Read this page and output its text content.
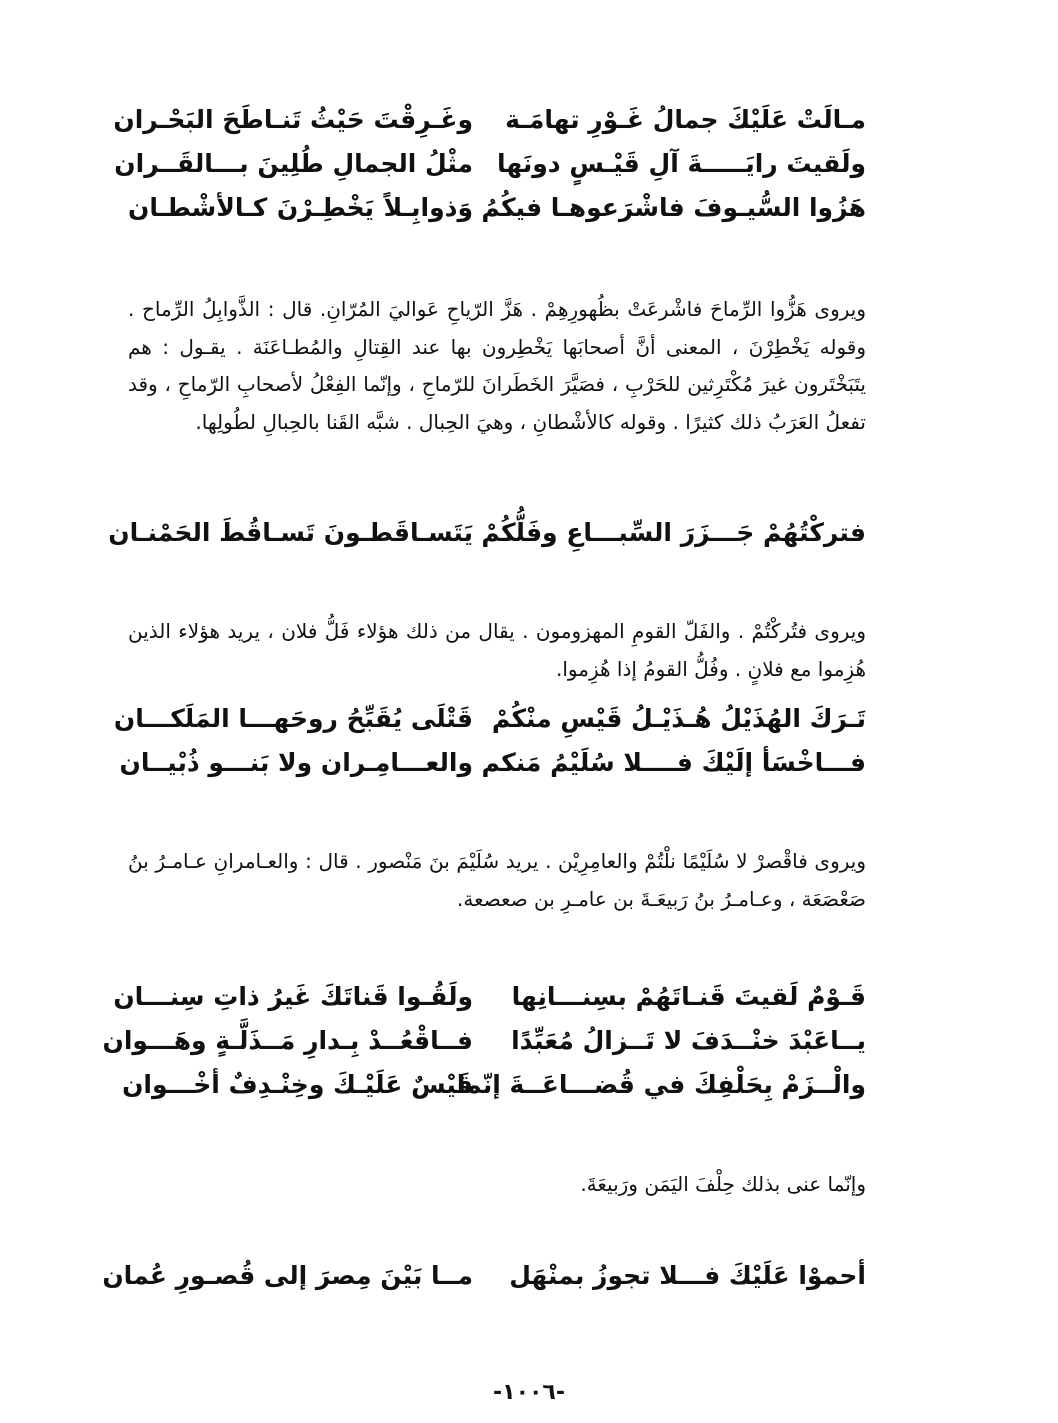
مـالَتْ عَلَيْكَ جمالُ غَـوْرِ تهامَـة
وغَـرِقْتَ حَيْثُ تَنـاطَحَ البَحْـران
ولَقيتَ رايَـــــةَ آلِ قَيْـسٍ دونَها
مثْلُ الجمالِ طُلِينَ بـــالقَــران
هَزُوا السُّيـوفَ فاشْرَعوهـا فيكُمُ
وَذوابِـلاً يَخْطِـرْنَ كـالأشْطـان

ويروى هَزُّوا الرِّماحَ فاشْرعَتْ بظُهورِهِمْ . هَزَّ الرّياحِ عَواليَ المُرّانِ. قال : الذَّوابِلُ الرِّماح . وقوله يَخْطِرْنَ ، المعنى أنَّ أصحابَها يَخْطِرون بها عند القِتالِ والمُطـاعَنَة . يقـول : هم يتَبَخْتَرون غيرَ مُكْتَرِثين للحَرْبِ ، فصَيَّرَ الخَطَرانَ للرّماحِ ، وإنّما الفِعْلُ لأصحابِ الرّماحِ ، وقد تفعلُ العَرَبُ ذلك كثيرًا . وقوله كالأشْطانِ ، وهيَ الحِبال . شبَّه القَنا بالحِبالِ لطُولِها.

فتركْتُهُمْ جَـــزَرَ السِّبـــاعِ وفَلُّكُمْ
يَتَسـاقَطـونَ تَسـاقُطَ الحَمْنـان

ويروى فتُركْتُمْ . والفَلّ القومِ المهزومون . يقال من ذلك هؤلاء فَلُّ فلان ، يريد هؤلاء الذين هُزِموا مع فلانٍ . وفُلُّ القومُ إذا هُزِموا.

تَـرَكَ الهُذَيْلُ هُـذَيْـلُ قَيْسِ منْكُمْ
قَتْلَى يُقَبِّحُ روحَهـــا المَلَكـــان
فـــاخْسَأ إلَيْكَ فــــلا سُلَيْمُ مَنكم
والعـــامِـران ولا بَنـــو ذُبْيــان

ويروى فاقْصرْ لا سُلَيْمًا نلْتُمْ والعامِرِيْن . يريد سُلَيْمَ بنَ مَنْصور . قال : والعـامرانِ عـامـرُ بنُ صَعْصَعَة ، وعـامـرُ بنُ رَبيعَـةَ بن عامـرِ بن صعصعة.

قَـوْمٌ لَقيتَ قَنـاتَهُمْ بسِنـــانِها
ولَقُـوا قَناتَكَ غَيرُ ذاتِ سِنـــان
يــاعَبْدَ خنْــدَفَ لا تَــزالُ مُعَبِّدًا
فــاقْعُــدْ بِـدارِ مَــذَلَّـةٍ وهَـــوان
والْــزَمْ بِحَلْفِكَ في قُضـــاعَــةَ إنّما
قَيْسٌ عَلَيْـكَ وخِنْـدِفٌ أخْـــوان

وإنّما عنى بذلك حِلْفَ اليَمَن ورَبيعَةَ.

أحموْا عَلَيْكَ فـــلا تجوزُ بمنْهَل
مــا بَيْنَ مِصرَ إلى قُصـورِ عُمان
-١٠٠٦-
